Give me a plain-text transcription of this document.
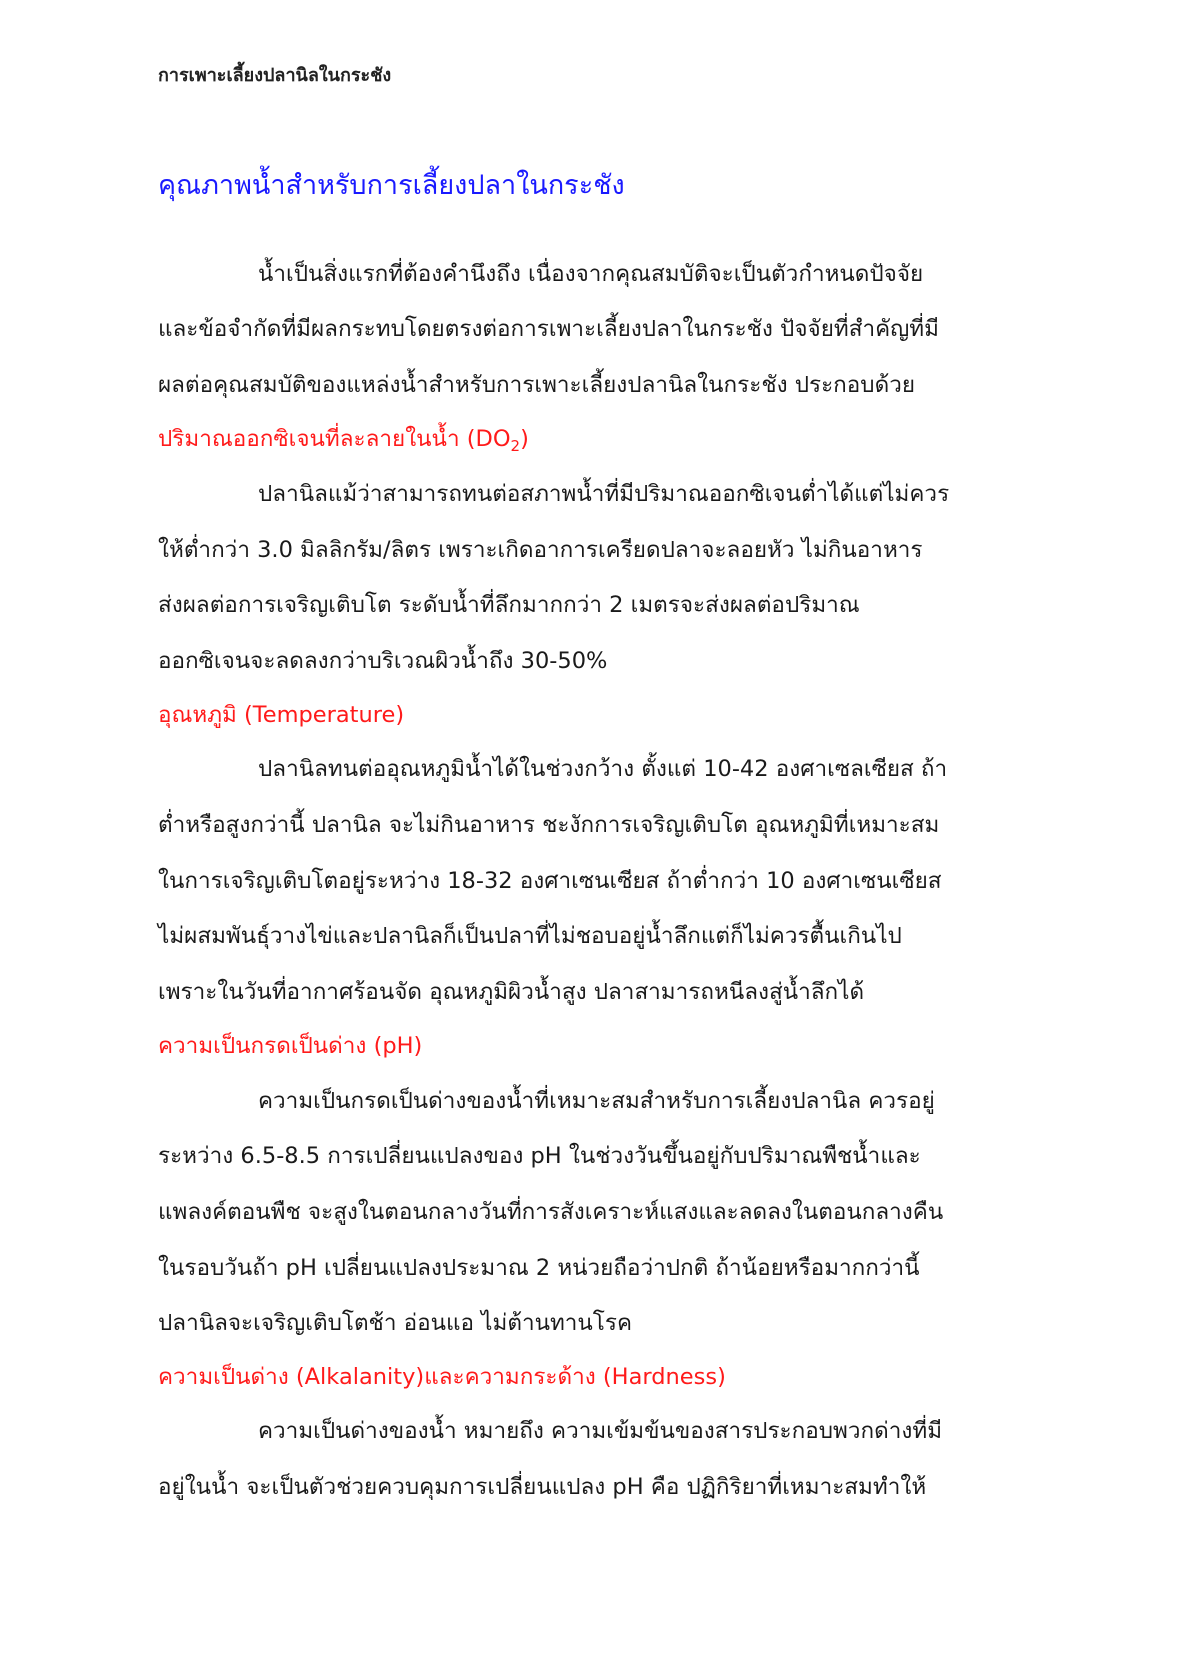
การเพาะเลี้ยงปลานิลในกระชัง
คุณภาพน้ำสำหรับการเลี้ยงปลาในกระชัง
น้ำเป็นสิ่งแรกที่ต้องคำนึงถึง เนื่องจากคุณสมบัติจะเป็นตัวกำหนดปัจจัย
และข้อจำกัดที่มีผลกระทบโดยตรงต่อการเพาะเลี้ยงปลาในกระชัง ปัจจัยที่สำคัญที่มี
ผลต่อคุณสมบัติของแหล่งน้ำสำหรับการเพาะเลี้ยงปลานิลในกระชัง ประกอบด้วย
ปริมาณออกซิเจนที่ละลายในน้ำ $(DO_2)$
ปลานิลแม้ว่าสามารถทนต่อสภาพน้ำที่มีปริมาณออกซิเจนต่ำได้แต่ไม่ควร
ให้ต่ำกว่า 3.0 มิลลิกรัม/ลิตร เพราะเกิดอาการเครียดปลาจะลอยหัว ไม่กินอาหาร
ส่งผลต่อการเจริญเติบโต ระดับน้ำที่ลึกมากกว่า 2 เมตรจะส่งผลต่อปริมาณ
ออกซิเจนจะลดลงกว่าบริเวณผิวน้ำถึง 30-50%
อุณหภูมิ (Temperature)
ปลานิลทนต่ออุณหภูมิน้ำได้ในช่วงกว้าง ตั้งแต่ 10-42 องศาเซลเซียส ถ้า
ต่ำหรือสูงกว่านี้ ปลานิล จะไม่กินอาหาร ชะงักการเจริญเติบโต อุณหภูมิที่เหมาะสม
ในการเจริญเติบโตอยู่ระหว่าง 18-32 องศาเซนเซียส ถ้าต่ำกว่า 10 องศาเซนเซียส
ไม่ผสมพันธุ์วางไข่และปลานิลก็เป็นปลาที่ไม่ชอบอยู่น้ำลึกแต่ก็ไม่ควรตื้นเกินไป
เพราะในวันที่อากาศร้อนจัด อุณหภูมิผิวน้ำสูง ปลาสามารถหนีลงสู่น้ำลึกได้
ความเป็นกรดเป็นด่าง (pH)
ความเป็นกรดเป็นด่างของน้ำที่เหมาะสมสำหรับการเลี้ยงปลานิล ควรอยู่
ระหว่าง 6.5-8.5 การเปลี่ยนแปลงของ pH ในช่วงวันขึ้นอยู่กับปริมาณพืชน้ำและ
แพลงค์ตอนพืช จะสูงในตอนกลางวันที่การสังเคราะห์แสงและลดลงในตอนกลางคืน
ในรอบวันถ้า pH เปลี่ยนแปลงประมาณ 2 หน่วยถือว่าปกติ ถ้าน้อยหรือมากกว่านี้
ปลานิลจะเจริญเติบโตช้า อ่อนแอ ไม่ต้านทานโรค
ความเป็นด่าง (Alkalanity)และความกระด้าง (Hardness)
ความเป็นด่างของน้ำ หมายถึง ความเข้มข้นของสารประกอบพวกด่างที่มี
อยู่ในน้ำ จะเป็นตัวช่วยควบคุมการเปลี่ยนแปลง pH คือ ปฏิกิริยาที่เหมาะสมทำให้
